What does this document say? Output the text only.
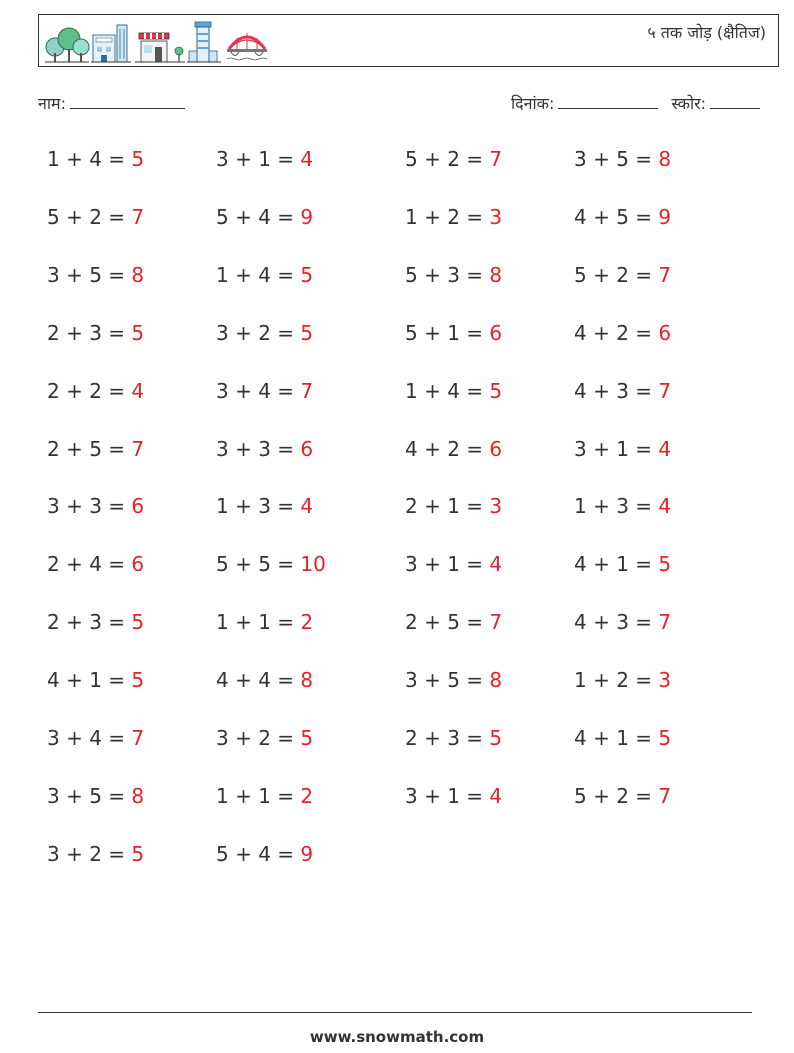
५ तक जोड़ (क्षैतिज)
नाम:	दिनांक:	स्कोर:
1 + 4 = 5	3 + 1 = 4	5 + 2 = 7	3 + 5 = 8
5 + 2 = 7	5 + 4 = 9	1 + 2 = 3	4 + 5 = 9
3 + 5 = 8	1 + 4 = 5	5 + 3 = 8	5 + 2 = 7
2 + 3 = 5	3 + 2 = 5	5 + 1 = 6	4 + 2 = 6
2 + 2 = 4	3 + 4 = 7	1 + 4 = 5	4 + 3 = 7
2 + 5 = 7	3 + 3 = 6	4 + 2 = 6	3 + 1 = 4
3 + 3 = 6	1 + 3 = 4	2 + 1 = 3	1 + 3 = 4
2 + 4 = 6	5 + 5 = 10	3 + 1 = 4	4 + 1 = 5
2 + 3 = 5	1 + 1 = 2	2 + 5 = 7	4 + 3 = 7
4 + 1 = 5	4 + 4 = 8	3 + 5 = 8	1 + 2 = 3
3 + 4 = 7	3 + 2 = 5	2 + 3 = 5	4 + 1 = 5
3 + 5 = 8	1 + 1 = 2	3 + 1 = 4	5 + 2 = 7
3 + 2 = 5	5 + 4 = 9
www.snowmath.com
